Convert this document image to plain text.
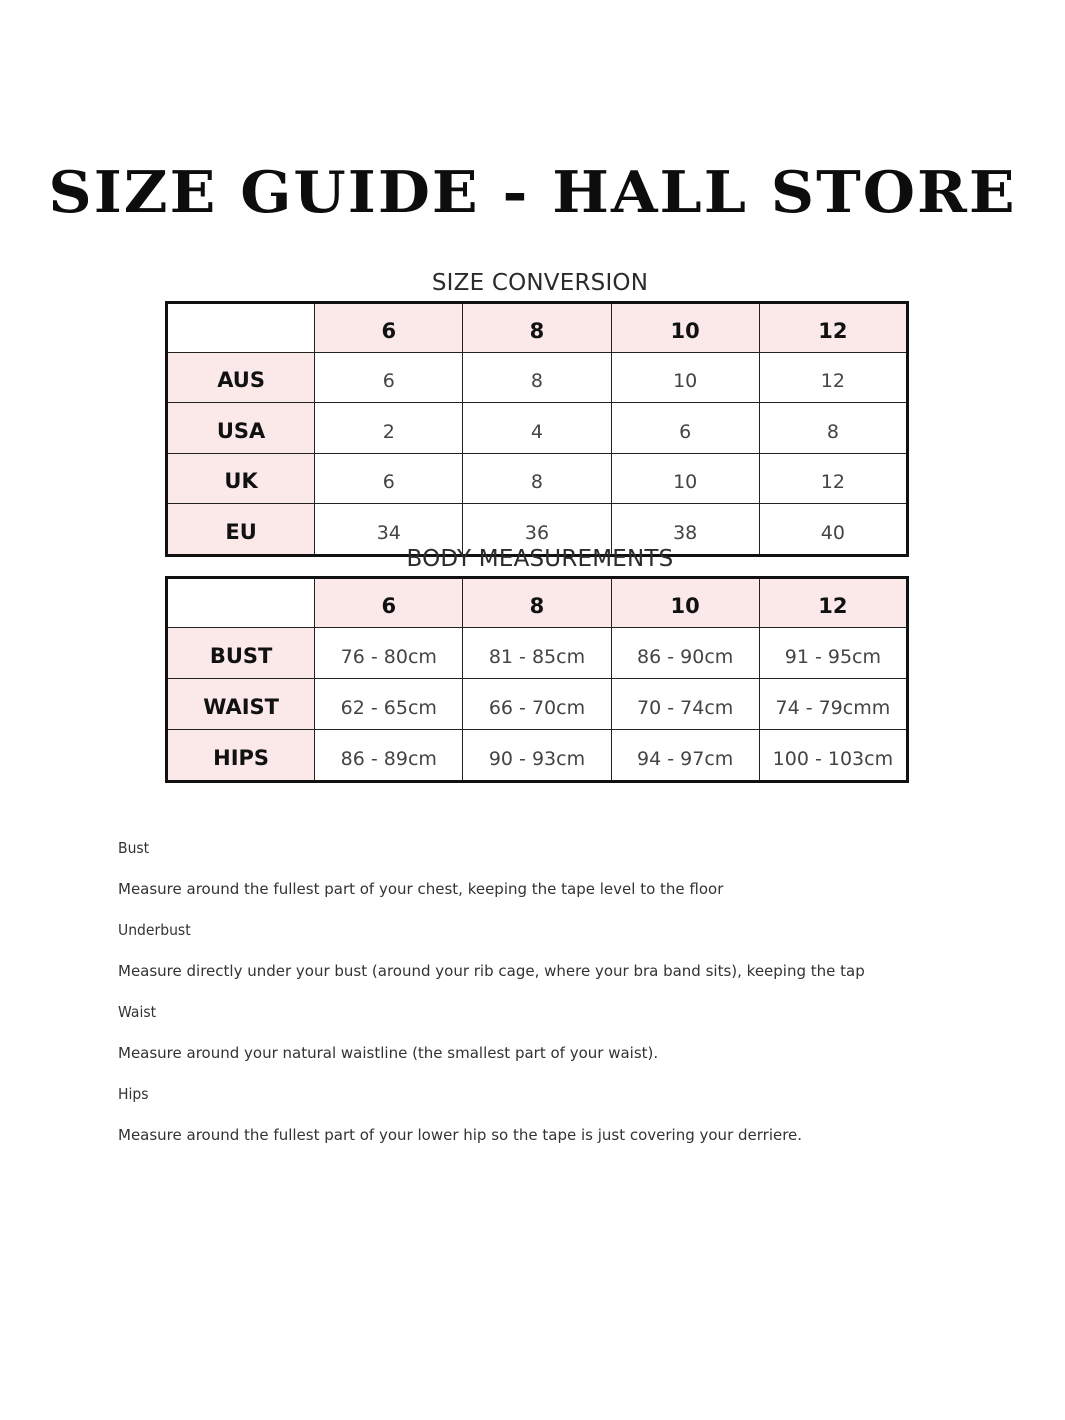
SIZE GUIDE - HALL STORE
SIZE CONVERSION
	6	8	10	12
AUS	6	8	10	12
USA	2	4	6	8
UK	6	8	10	12
EU	34	36	38	40
BODY MEASUREMENTS
	6	8	10	12
BUST	76 - 80cm	81 - 85cm	86 - 90cm	91 - 95cm
WAIST	62 - 65cm	66 - 70cm	70 - 74cm	74 - 79cmm
HIPS	86 - 89cm	90 - 93cm	94 - 97cm	100 - 103cm
Bust
Measure around the fullest part of your chest, keeping the tape level to the floor
Underbust
Measure directly under your bust (around your rib cage, where your bra band sits), keeping the tap
Waist
Measure around your natural waistline (the smallest part of your waist).
Hips
Measure around the fullest part of your lower hip so the tape is just covering your derriere.
